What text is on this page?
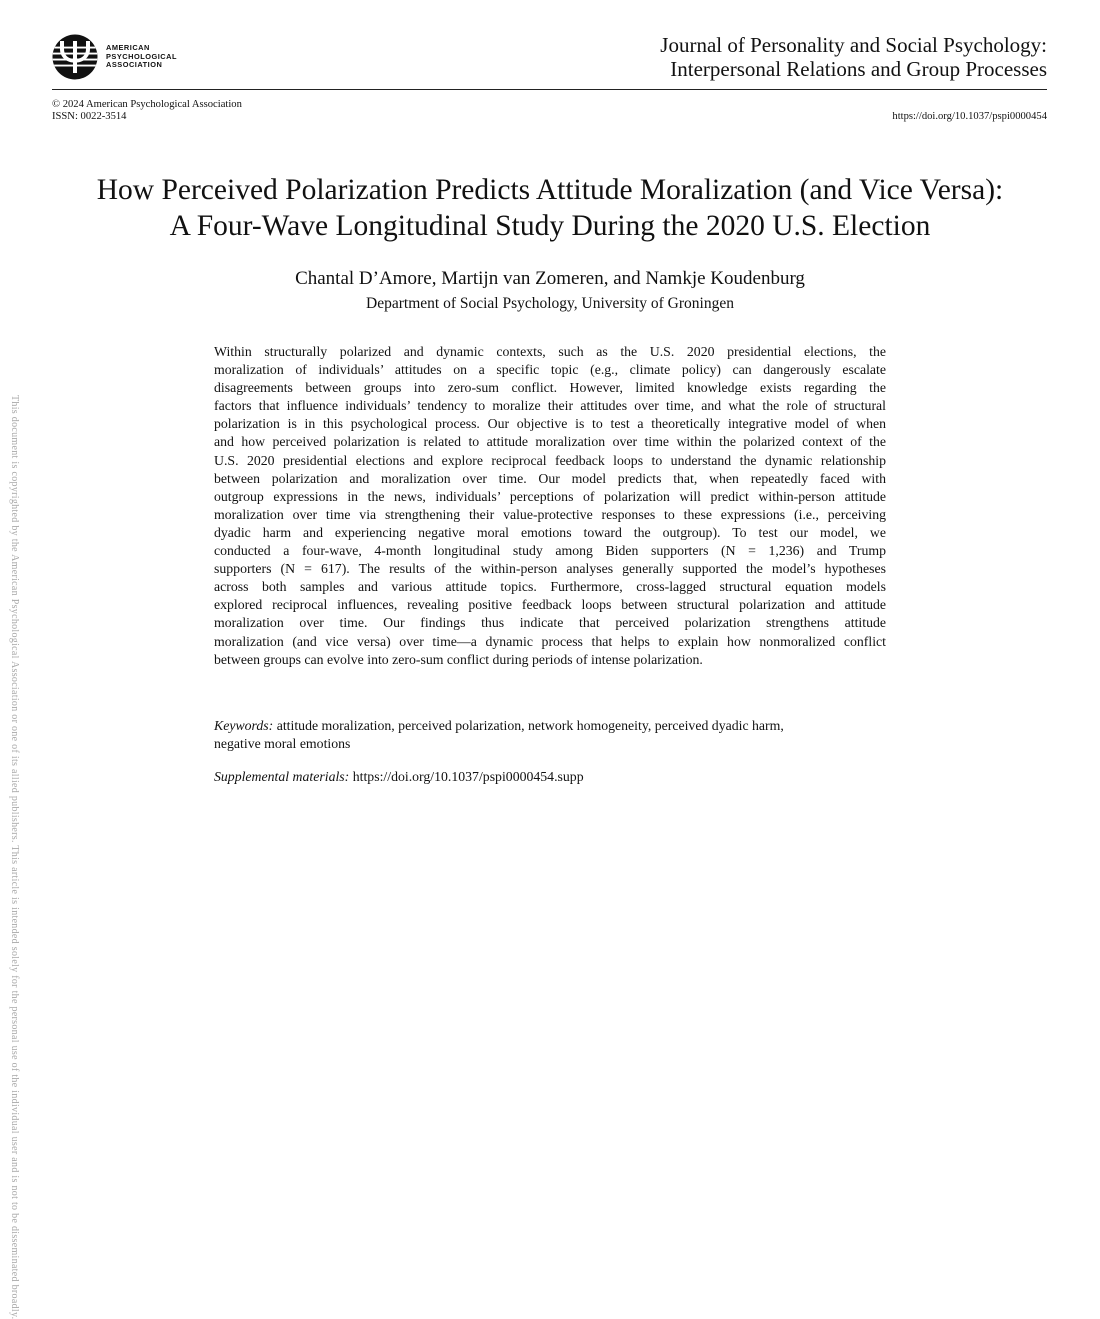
AMERICAN
PSYCHOLOGICAL
ASSOCIATION
Journal of Personality and Social Psychology:
Interpersonal Relations and Group Processes
© 2024 American Psychological Association
ISSN: 0022-3514	https://doi.org/10.1037/pspi0000454
How Perceived Polarization Predicts Attitude Moralization (and Vice Versa):
A Four-Wave Longitudinal Study During the 2020 U.S. Election
Chantal D’Amore, Martijn van Zomeren, and Namkje Koudenburg
Department of Social Psychology, University of Groningen
Within structurally polarized and dynamic contexts, such as the U.S. 2020 presidential elections, the
moralization of individuals’ attitudes on a specific topic (e.g., climate policy) can dangerously escalate
disagreements between groups into zero-sum conflict. However, limited knowledge exists regarding the
factors that influence individuals’ tendency to moralize their attitudes over time, and what the role of structural
polarization is in this psychological process. Our objective is to test a theoretically integrative model of when
and how perceived polarization is related to attitude moralization over time within the polarized context of the
U.S. 2020 presidential elections and explore reciprocal feedback loops to understand the dynamic relationship
between polarization and moralization over time. Our model predicts that, when repeatedly faced with
outgroup expressions in the news, individuals’ perceptions of polarization will predict within-person attitude
moralization over time via strengthening their value-protective responses to these expressions (i.e., perceiving
dyadic harm and experiencing negative moral emotions toward the outgroup). To test our model, we
conducted a four-wave, 4-month longitudinal study among Biden supporters (N = 1,236) and Trump
supporters (N = 617). The results of the within-person analyses generally supported the model’s hypotheses
across both samples and various attitude topics. Furthermore, cross-lagged structural equation models
explored reciprocal influences, revealing positive feedback loops between structural polarization and attitude
moralization over time. Our findings thus indicate that perceived polarization strengthens attitude
moralization (and vice versa) over time—a dynamic process that helps to explain how nonmoralized conflict
between groups can evolve into zero-sum conflict during periods of intense polarization.
Keywords: attitude moralization, perceived polarization, network homogeneity, perceived dyadic harm,
negative moral emotions
Supplemental materials: https://doi.org/10.1037/pspi0000454.supp
This document is copyrighted by the American Psychological Association or one of its allied publishers. This article is intended solely for the personal use of the individual user and is not to be disseminated broadly.
